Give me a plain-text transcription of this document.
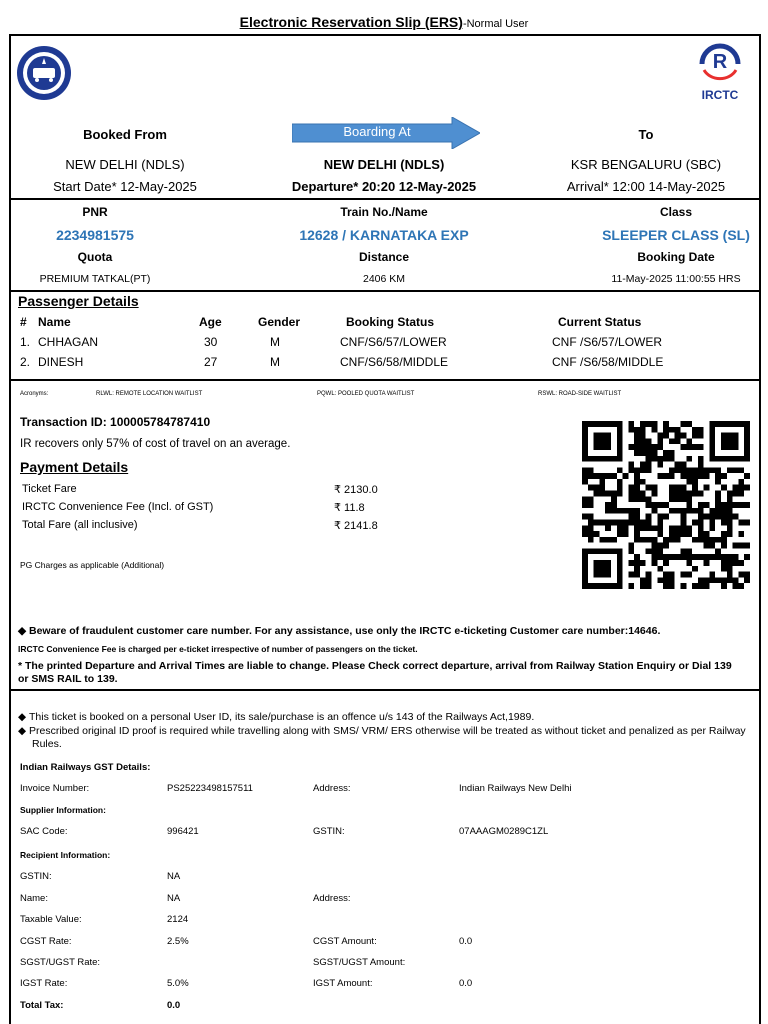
Electronic Reservation Slip (ERS)-Normal User
R
IRCTC
Booked From	Boarding At	To
NEW DELHI (NDLS)	NEW DELHI (NDLS)	KSR BENGALURU (SBC)
Start Date* 12-May-2025	Departure* 20:20 12-May-2025	Arrival* 12:00 14-May-2025
PNR	Train No./Name	Class
2234981575	12628 / KARNATAKA EXP	SLEEPER CLASS (SL)
Quota	Distance	Booking Date
PREMIUM TATKAL(PT)	2406 KM	11-May-2025 11:00:55 HRS
Passenger Details
# Name	Age	Gender	Booking Status	Current Status
1. CHHAGAN	30	M	CNF/S6/57/LOWER	CNF /S6/57/LOWER
2. DINESH	27	M	CNF/S6/58/MIDDLE	CNF /S6/58/MIDDLE
Acronyms:	RLWL: REMOTE LOCATION WAITLIST	PQWL: POOLED QUOTA WAITLIST	RSWL: ROAD-SIDE WAITLIST
Transaction ID: 100005784787410
IR recovers only 57% of cost of travel on an average.
Payment Details
Ticket Fare	₹ 2130.0
IRCTC Convenience Fee (Incl. of GST)	₹ 11.8
Total Fare (all inclusive)	₹ 2141.8
PG Charges as applicable (Additional)
◆ Beware of fraudulent customer care number. For any assistance, use only the IRCTC e-ticketing Customer care number:14646.
IRCTC Convenience Fee is charged per e-ticket irrespective of number of passengers on the ticket.
* The printed Departure and Arrival Times are liable to change. Please Check correct departure, arrival from Railway Station Enquiry or Dial 139 or SMS RAIL to 139.
◆ This ticket is booked on a personal User ID, its sale/purchase is an offence u/s 143 of the Railways Act,1989.
◆ Prescribed original ID proof is required while travelling along with SMS/ VRM/ ERS otherwise will be treated as without ticket and penalized as per Railway Rules.
Indian Railways GST Details:
Invoice Number:	PS25223498157511	Address:	Indian Railways New Delhi
Supplier Information:
SAC Code:	996421	GSTIN:	07AAAGM0289C1ZL
Recipient Information:
GSTIN:	NA
Name:	NA	Address:
Taxable Value:	2124
CGST Rate:	2.5%	CGST Amount:	0.0
SGST/UGST Rate:	SGST/UGST Amount:
IGST Rate:	5.0%	IGST Amount:	0.0
Total Tax:	0.0
